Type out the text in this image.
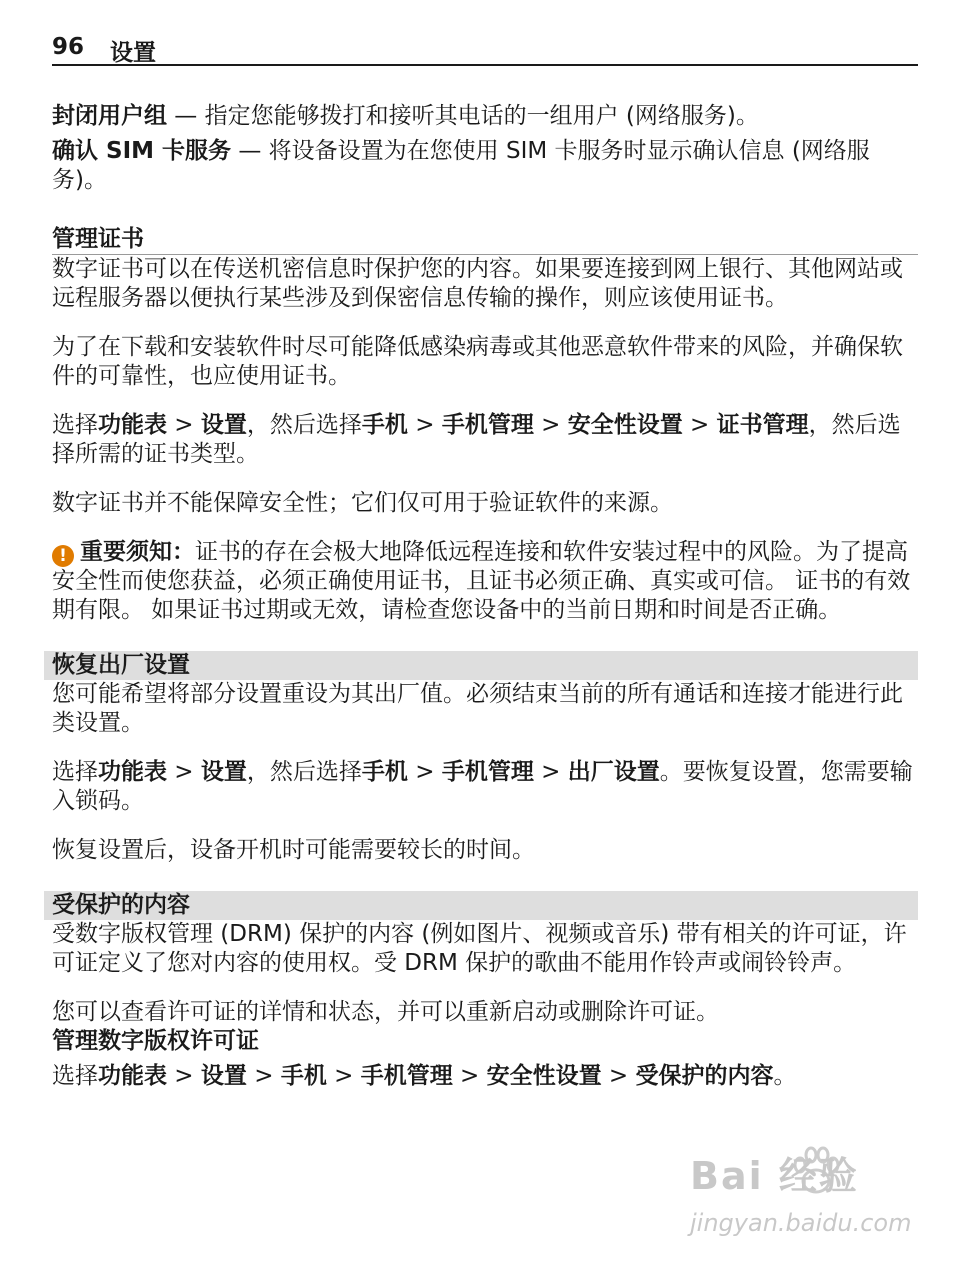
96 设置

封闭用户组 — 指定您能够拨打和接听其电话的一组用户 (网络服务)。

确认 SIM 卡服务 — 将设备设置为在您使用 SIM 卡服务时显示确认信息 (网络服务)。

管理证书

数字证书可以在传送机密信息时保护您的内容。如果要连接到网上银行、其他网站或远程服务器以便执行某些涉及到保密信息传输的操作，则应该使用证书。

为了在下载和安装软件时尽可能降低感染病毒或其他恶意软件带来的风险，并确保软件的可靠性，也应使用证书。

选择功能表 > 设置，然后选择手机 > 手机管理 > 安全性设置 > 证书管理，然后选择所需的证书类型。

数字证书并不能保障安全性；它们仅可用于验证软件的来源。

! 重要须知：证书的存在会极大地降低远程连接和软件安装过程中的风险。为了提高安全性而使您获益，必须正确使用证书，且证书必须正确、真实或可信。 证书的有效期有限。 如果证书过期或无效，请检查您设备中的当前日期和时间是否正确。

恢复出厂设置

您可能希望将部分设置重设为其出厂值。必须结束当前的所有通话和连接才能进行此类设置。

选择功能表 > 设置，然后选择手机 > 手机管理 > 出厂设置。要恢复设置，您需要输入锁码。

恢复设置后，设备开机时可能需要较长的时间。

受保护的内容

受数字版权管理 (DRM) 保护的内容 (例如图片、视频或音乐) 带有相关的许可证，许可证定义了您对内容的使用权。受 DRM 保护的歌曲不能用作铃声或闹铃铃声。

您可以查看许可证的详情和状态，并可以重新启动或删除许可证。

管理数字版权许可证

选择功能表 > 设置 > 手机 > 手机管理 > 安全性设置 > 受保护的内容。

Bai 经验
jingyan.baidu.com
